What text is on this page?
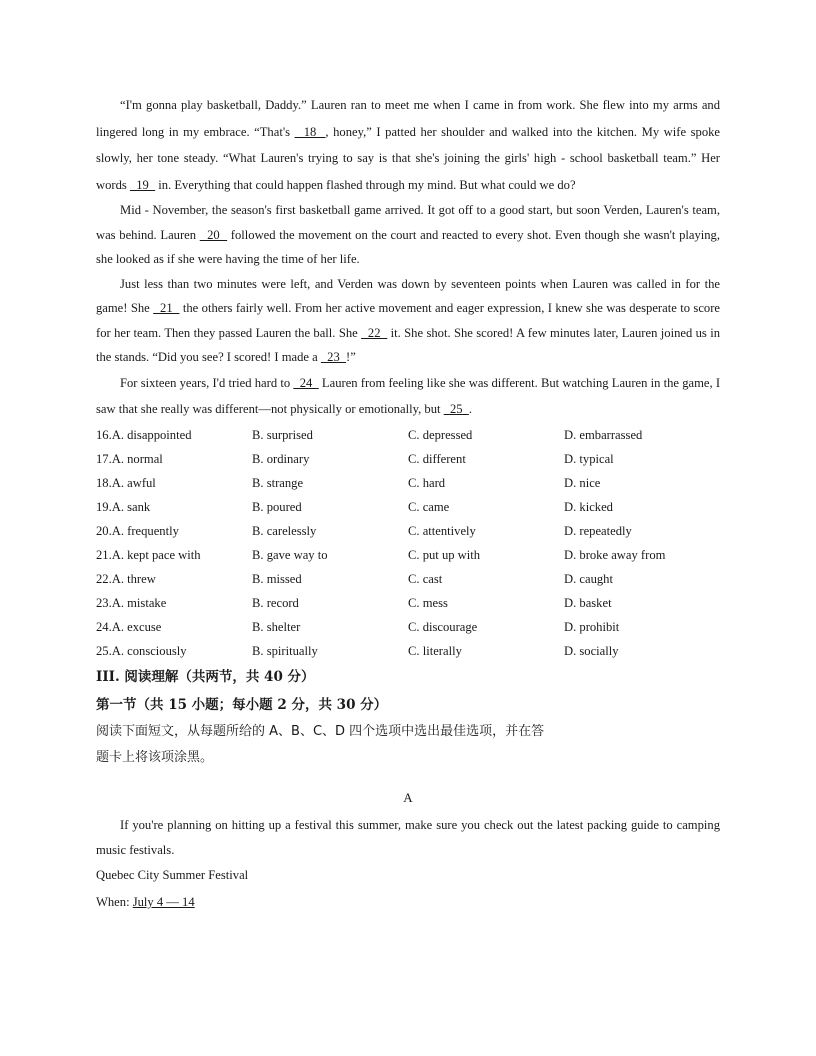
“I'm gonna play basketball, Daddy.” Lauren ran to meet me when I came in from work. She flew into my arms and lingered long in my embrace. “That's   18  , honey,” I patted her shoulder and walked into the kitchen. My wife spoke slowly, her tone steady. “What Lauren's trying to say is that she's joining the girls' high - school basketball team.” Her words   19   in. Everything that could happen flashed through my mind. But what could we do?

Mid - November, the season's first basketball game arrived. It got off to a good start, but soon Verden, Lauren's team, was behind. Lauren   20   followed the movement on the court and reacted to every shot. Even though she wasn't playing, she looked as if she were having the time of her life.

Just less than two minutes were left, and Verden was down by seventeen points when Lauren was called in for the game! She   21   the others fairly well. From her active movement and eager expression, I knew she was desperate to score for her team. Then they passed Lauren the ball. She   22   it. She shot. She scored! A few minutes later, Lauren joined us in the stands. “Did you see? I scored! I made a   23  !”

For sixteen years, I'd tried hard to   24   Lauren from feeling like she was different. But watching Lauren in the game, I saw that she really was different—not physically or emotionally, but   25  .

16.A. disappointed	B. surprised	C. depressed	D. embarrassed
17.A. normal	B. ordinary	C. different	D. typical
18.A. awful	B. strange	C. hard	D. nice
19.A. sank	B. poured	C. came	D. kicked
20.A. frequently	B. carelessly	C. attentively	D. repeatedly
21.A. kept pace with	B. gave way to	C. put up with	D. broke away from
22.A. threw	B. missed	C. cast	D. caught
23.A. mistake	B. record	C. mess	D. basket
24.A. excuse	B. shelter	C. discourage	D. prohibit
25.A. consciously	B. spiritually	C. literally	D. socially

III. 阅读理解（共两节，共 40 分）

第一节（共 15 小题；每小题 2 分，共 30 分）

阅读下面短文，从每题所给的 A、B、C、D 四个选项中选出最佳选项，并在答

题卡上将该项涂黑。

A

If you're planning on hitting up a festival this summer, make sure you check out the latest packing guide to camping music festivals.

Quebec City Summer Festival

When: July 4 — 14
